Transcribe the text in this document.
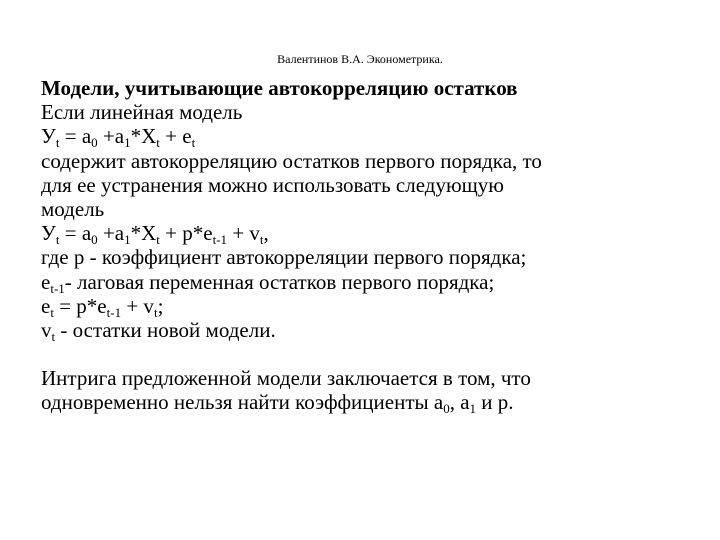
Валентинов В.А. Эконометрика.
Модели, учитывающие автокорреляцию остатков
Если линейная модель
$У_t = а_0 +а_1*Х_t + е_t$
содержит автокорреляцию остатков первого порядка, то
для ее устранения можно использовать следующую
модель
$У_t = а_0 +а_1*Х_t + р*е_{t-1} + v_t$,
где р - коэффициент автокорреляции первого порядка;
$е_{t-1}-$ лаговая переменная остатков первого порядка;
$е_t = р*е_{t-1} + v_t$;
$v_t$ - остатки новой модели.
Интрига предложенной модели заключается в том, что
одновременно нельзя найти коэффициенты $а_0$, $а_1$ и р.
